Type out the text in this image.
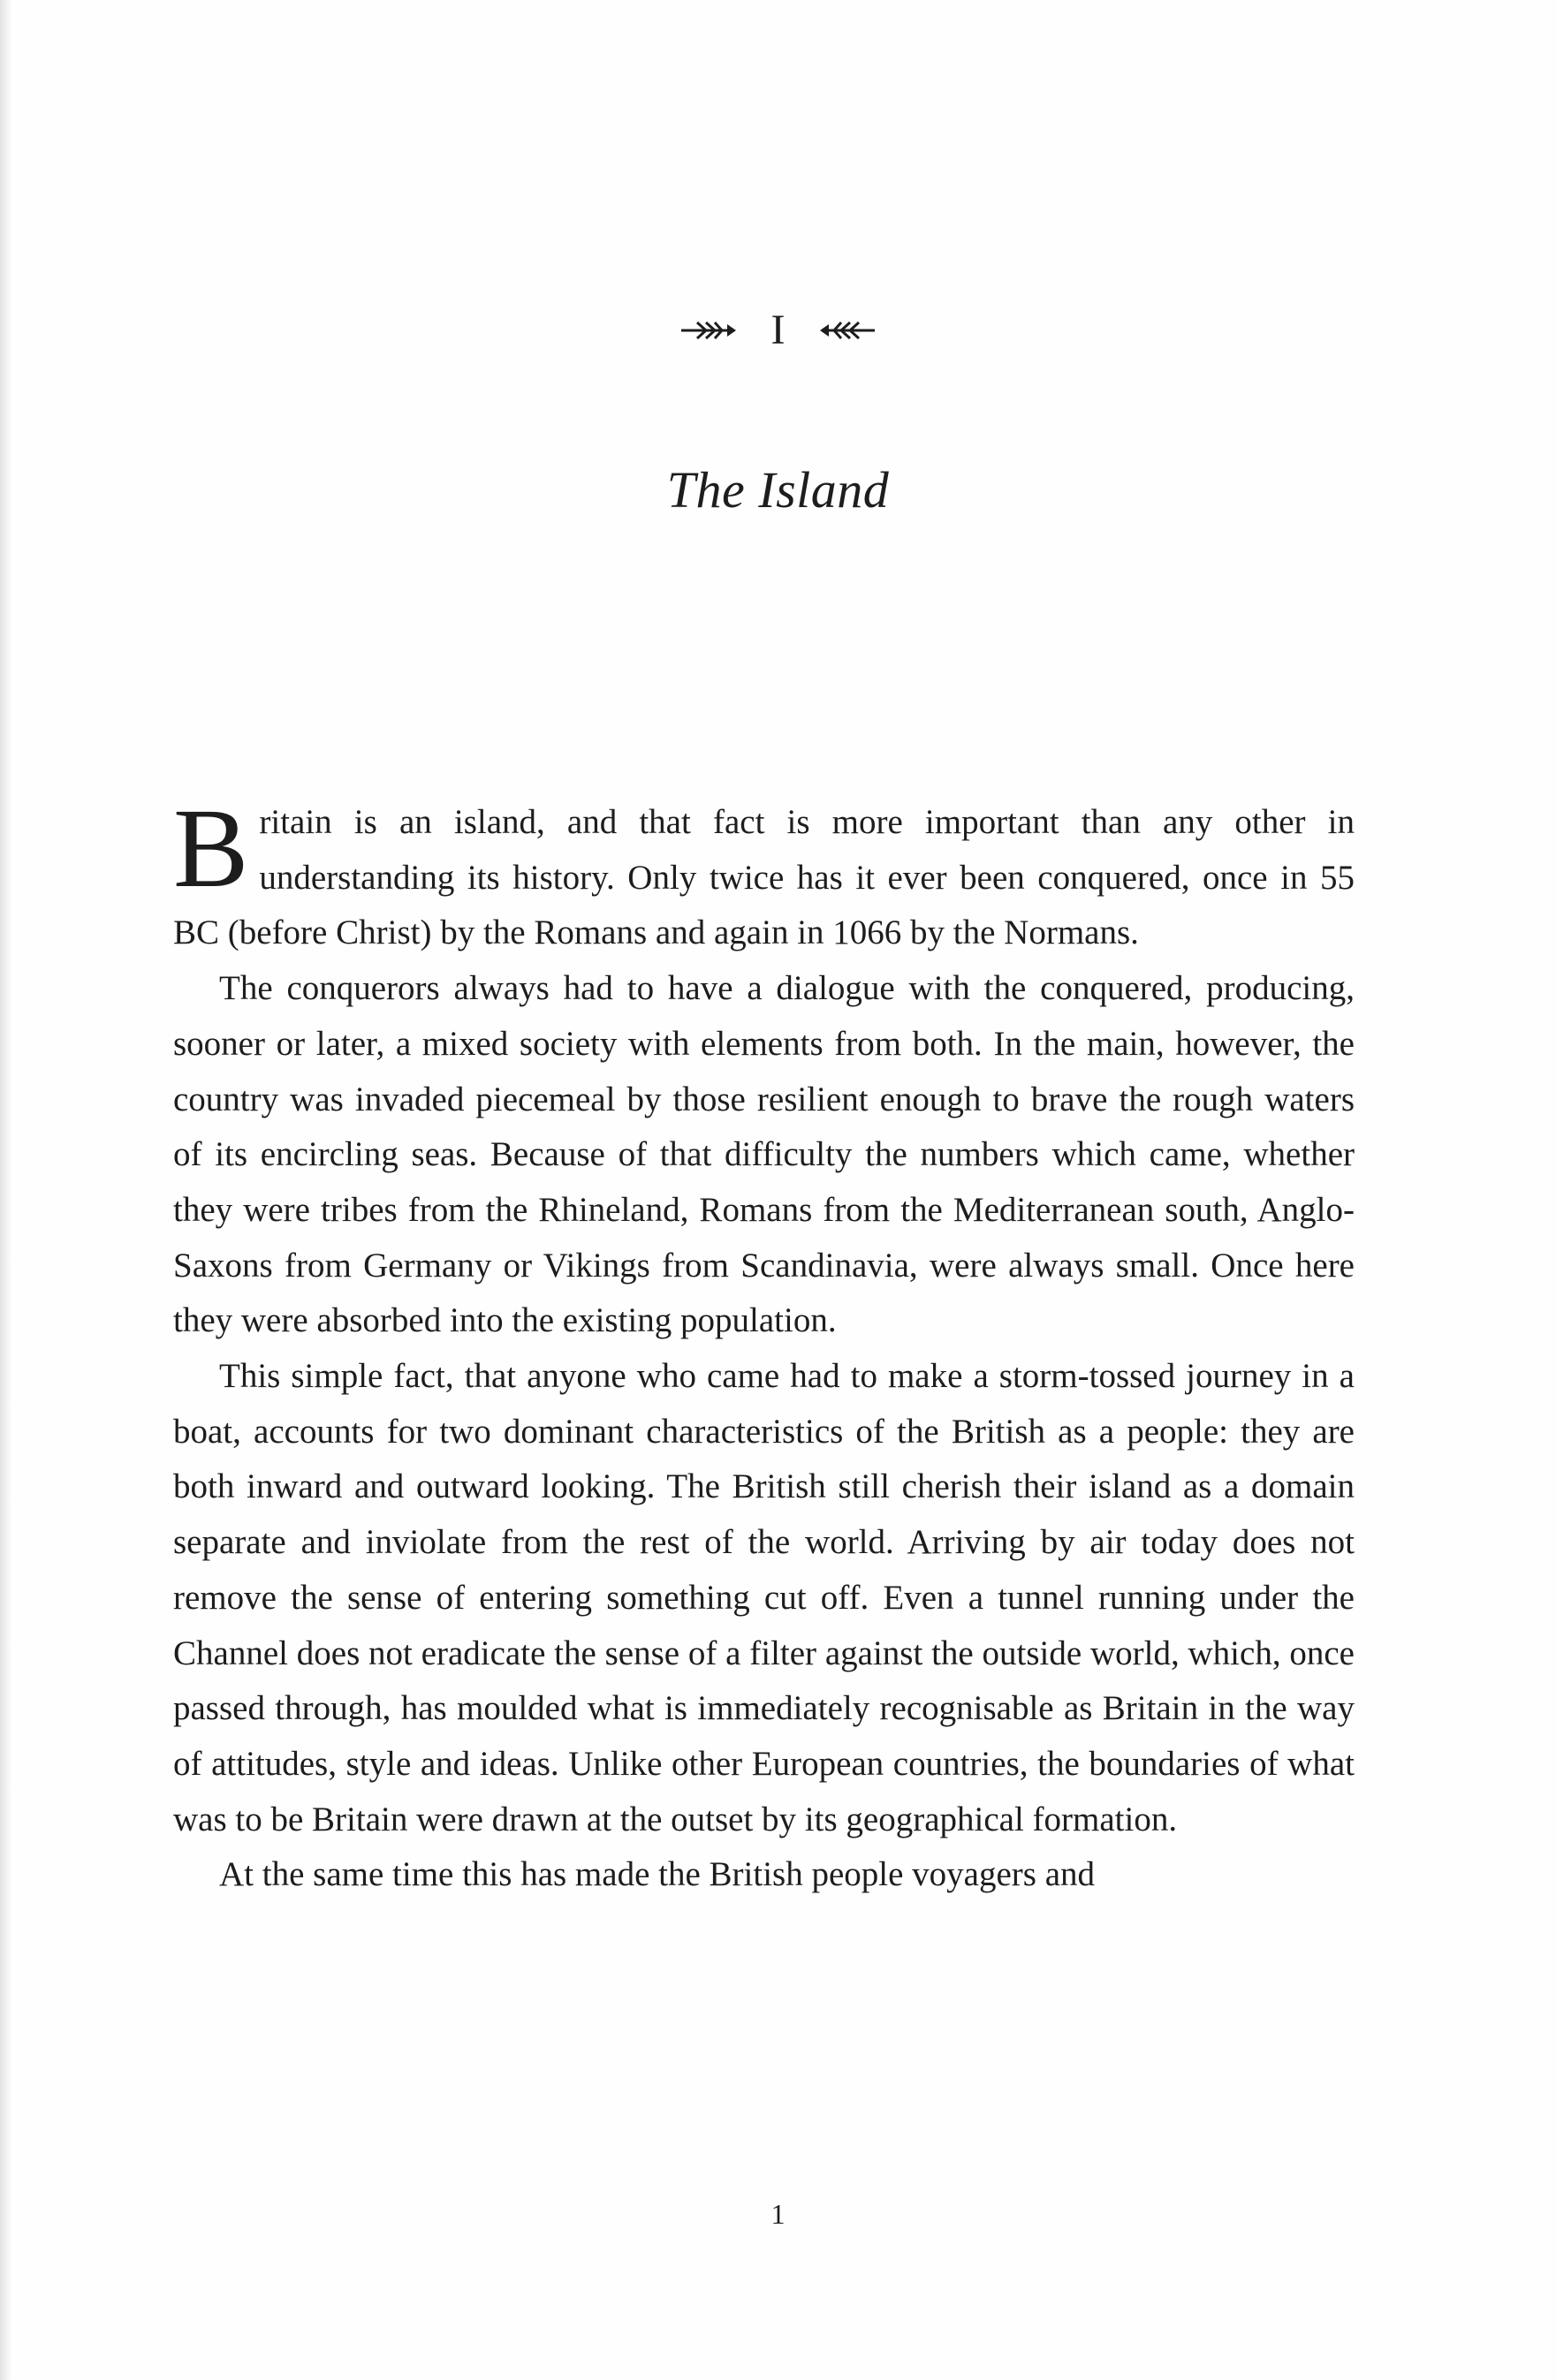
I
The Island

Britain is an island, and that fact is more important than any other in understanding its history. Only twice has it ever been conquered, once in 55 BC (before Christ) by the Romans and again in 1066 by the Normans.

The conquerors always had to have a dialogue with the conquered, producing, sooner or later, a mixed society with elements from both. In the main, however, the country was invaded piecemeal by those resilient enough to brave the rough waters of its encircling seas. Because of that difficulty the numbers which came, whether they were tribes from the Rhineland, Romans from the Mediterranean south, Anglo-Saxons from Germany or Vikings from Scandinavia, were always small. Once here they were absorbed into the existing population.

This simple fact, that anyone who came had to make a storm-tossed journey in a boat, accounts for two dominant characteristics of the British as a people: they are both inward and outward looking. The British still cherish their island as a domain separate and inviolate from the rest of the world. Arriving by air today does not remove the sense of entering something cut off. Even a tunnel running under the Channel does not eradicate the sense of a filter against the outside world, which, once passed through, has moulded what is immediately recognisable as Britain in the way of attitudes, style and ideas. Unlike other European countries, the boundaries of what was to be Britain were drawn at the outset by its geographical formation.

At the same time this has made the British people voyagers and

1
